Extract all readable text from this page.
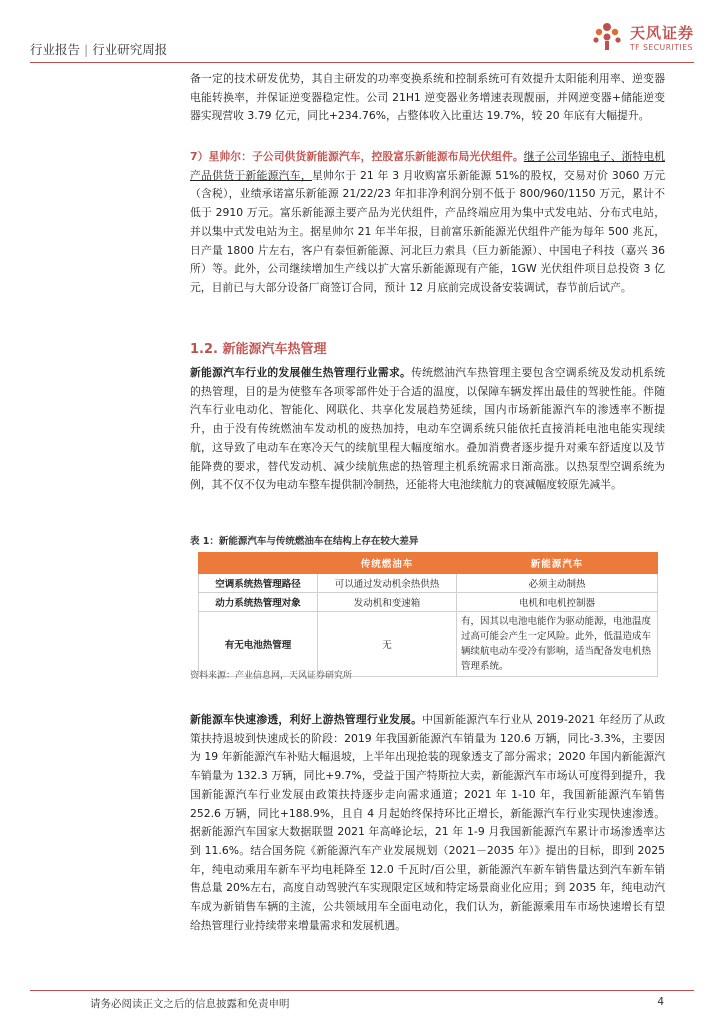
行业报告 | 行业研究周报
天风证券
TF SECURITIES

备一定的技术研发优势，其自主研发的功率变换系统和控制系统可有效提升太阳能利用率、逆变器电能转换率，并保证逆变器稳定性。公司 21H1 逆变器业务增速表现靓丽，并网逆变器+储能逆变器实现营收 3.79 亿元，同比+234.76%，占整体收入比重达 19.7%，较 20 年底有大幅提升。

7）星帅尔：子公司供货新能源汽车，控股富乐新能源布局光伏组件。继子公司华锦电子、浙特电机产品供货于新能源汽车，星帅尔于 21 年 3 月收购富乐新能源 51%的股权，交易对价 3060 万元（含税），业绩承诺富乐新能源 21/22/23 年扣非净利润分别不低于 800/960/1150 万元，累计不低于 2910 万元。富乐新能源主要产品为光伏组件，产品终端应用为集中式发电站、分布式电站，并以集中式发电站为主。据星帅尔 21 年半年报，目前富乐新能源光伏组件产能为每年 500 兆瓦，日产量 1800 片左右，客户有泰恒新能源、河北巨力索具（巨力新能源）、中国电子科技（嘉兴 36 所）等。此外，公司继续增加生产线以扩大富乐新能源现有产能，1GW 光伏组件项目总投资 3 亿元，目前已与大部分设备厂商签订合同，预计 12 月底前完成设备安装调试，春节前后试产。

1.2. 新能源汽车热管理

新能源汽车行业的发展催生热管理行业需求。传统燃油汽车热管理主要包含空调系统及发动机系统的热管理，目的是为使整车各项零部件处于合适的温度，以保障车辆发挥出最佳的驾驶性能。伴随汽车行业电动化、智能化、网联化、共享化发展趋势延续，国内市场新能源汽车的渗透率不断提升，由于没有传统燃油车发动机的废热加持，电动车空调系统只能依托直接消耗电池电能实现续航，这导致了电动车在寒冷天气的续航里程大幅度缩水。叠加消费者逐步提升对乘车舒适度以及节能降费的要求，替代发动机、减少续航焦虑的热管理主机系统需求日渐高涨。以热泵型空调系统为例，其不仅不仅为电动车整车提供制冷制热，还能将大电池续航力的衰减幅度较原先减半。

表 1：新能源汽车与传统燃油车在结构上存在较大差异
	传统燃油车	新能源汽车
空调系统热管理路径	可以通过发动机余热供热	必须主动制热
动力系统热管理对象	发动机和变速箱	电机和电机控制器
有无电池热管理	无	有，因其以电池电能作为驱动能源，电池温度过高可能会产生一定风险。此外，低温造成车辆续航电动车受冷有影响，适当配备发电机热管理系统。
资料来源：产业信息网，天风证券研究所

新能源车快速渗透，利好上游热管理行业发展。中国新能源汽车行业从 2019-2021 年经历了从政策扶持退坡到快速成长的阶段：2019 年我国新能源汽车销量为 120.6 万辆，同比-3.3%，主要因为 19 年新能源汽车补贴大幅退坡，上半年出现抢装的现象透支了部分需求；2020 年国内新能源汽车销量为 132.3 万辆，同比+9.7%，受益于国产特斯拉大卖，新能源汽车市场认可度得到提升，我国新能源汽车行业发展由政策扶持逐步走向需求通道；2021 年 1-10 年，我国新能源汽车销售 252.6 万辆，同比+188.9%，且自 4 月起始终保持环比正增长，新能源汽车行业实现快速渗透。据新能源汽车国家大数据联盟 2021 年高峰论坛，21 年 1-9 月我国新能源汽车累计市场渗透率达到 11.6%。结合国务院《新能源汽车产业发展规划（2021－2035 年）》提出的目标，即到 2025 年，纯电动乘用车新车平均电耗降至 12.0 千瓦时/百公里，新能源汽车新车销售量达到汽车新车销售总量 20%左右，高度自动驾驶汽车实现限定区域和特定场景商业化应用；到 2035 年，纯电动汽车成为新销售车辆的主流，公共领域用车全面电动化，我们认为，新能源乘用车市场快速增长有望给热管理行业持续带来增量需求和发展机遇。

请务必阅读正文之后的信息披露和免责申明	4
